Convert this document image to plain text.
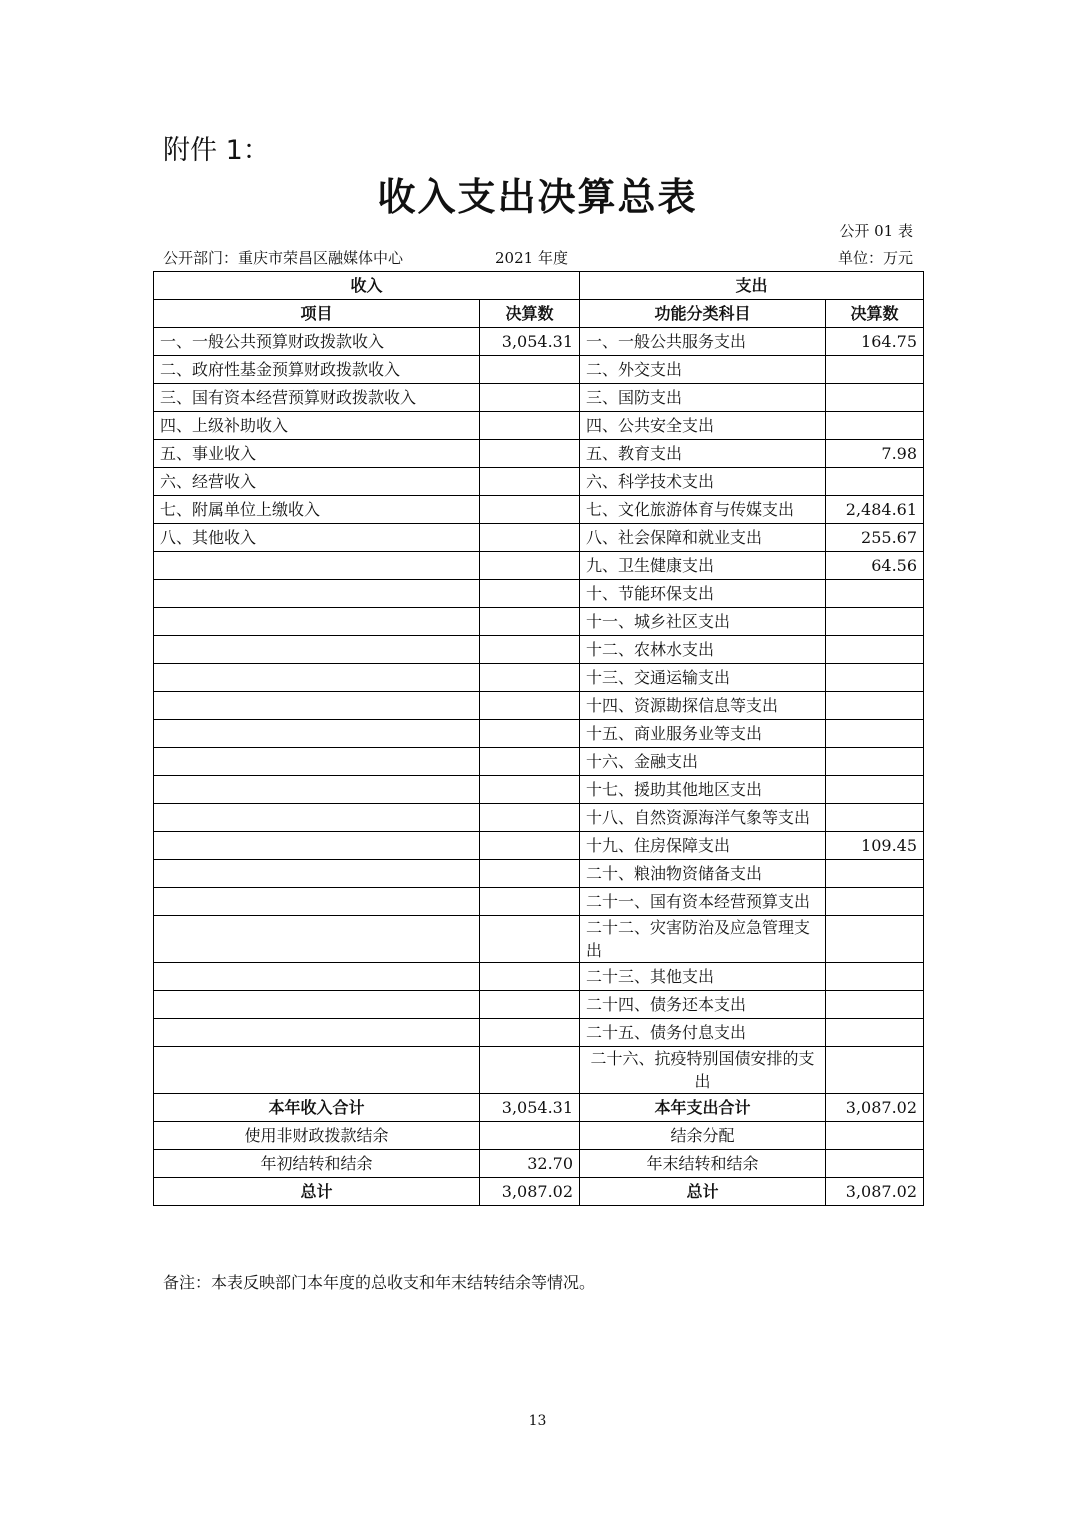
附件 1：
收入支出决算总表
公开 01 表
公开部门：重庆市荣昌区融媒体中心	2021 年度	单位：万元
收入		支出	
项目	决算数	功能分类科目	决算数
一、一般公共预算财政拨款收入	3,054.31	一、一般公共服务支出	164.75
二、政府性基金预算财政拨款收入		二、外交支出	
三、国有资本经营预算财政拨款收入		三、国防支出	
四、上级补助收入		四、公共安全支出	
五、事业收入		五、教育支出	7.98
六、经营收入		六、科学技术支出	
七、附属单位上缴收入		七、文化旅游体育与传媒支出	2,484.61
八、其他收入		八、社会保障和就业支出	255.67
		九、卫生健康支出	64.56
		十、节能环保支出	
		十一、城乡社区支出	
		十二、农林水支出	
		十三、交通运输支出	
		十四、资源勘探信息等支出	
		十五、商业服务业等支出	
		十六、金融支出	
		十七、援助其他地区支出	
		十八、自然资源海洋气象等支出	
		十九、住房保障支出	109.45
		二十、粮油物资储备支出	
		二十一、国有资本经营预算支出	
		二十二、灾害防治及应急管理支出	
		二十三、其他支出	
		二十四、债务还本支出	
		二十五、债务付息支出	
		二十六、抗疫特别国债安排的支出	
本年收入合计	3,054.31	本年支出合计	3,087.02
使用非财政拨款结余		结余分配	
年初结转和结余	32.70	年末结转和结余	
总计	3,087.02	总计	3,087.02
备注：本表反映部门本年度的总收支和年末结转结余等情况。
13
